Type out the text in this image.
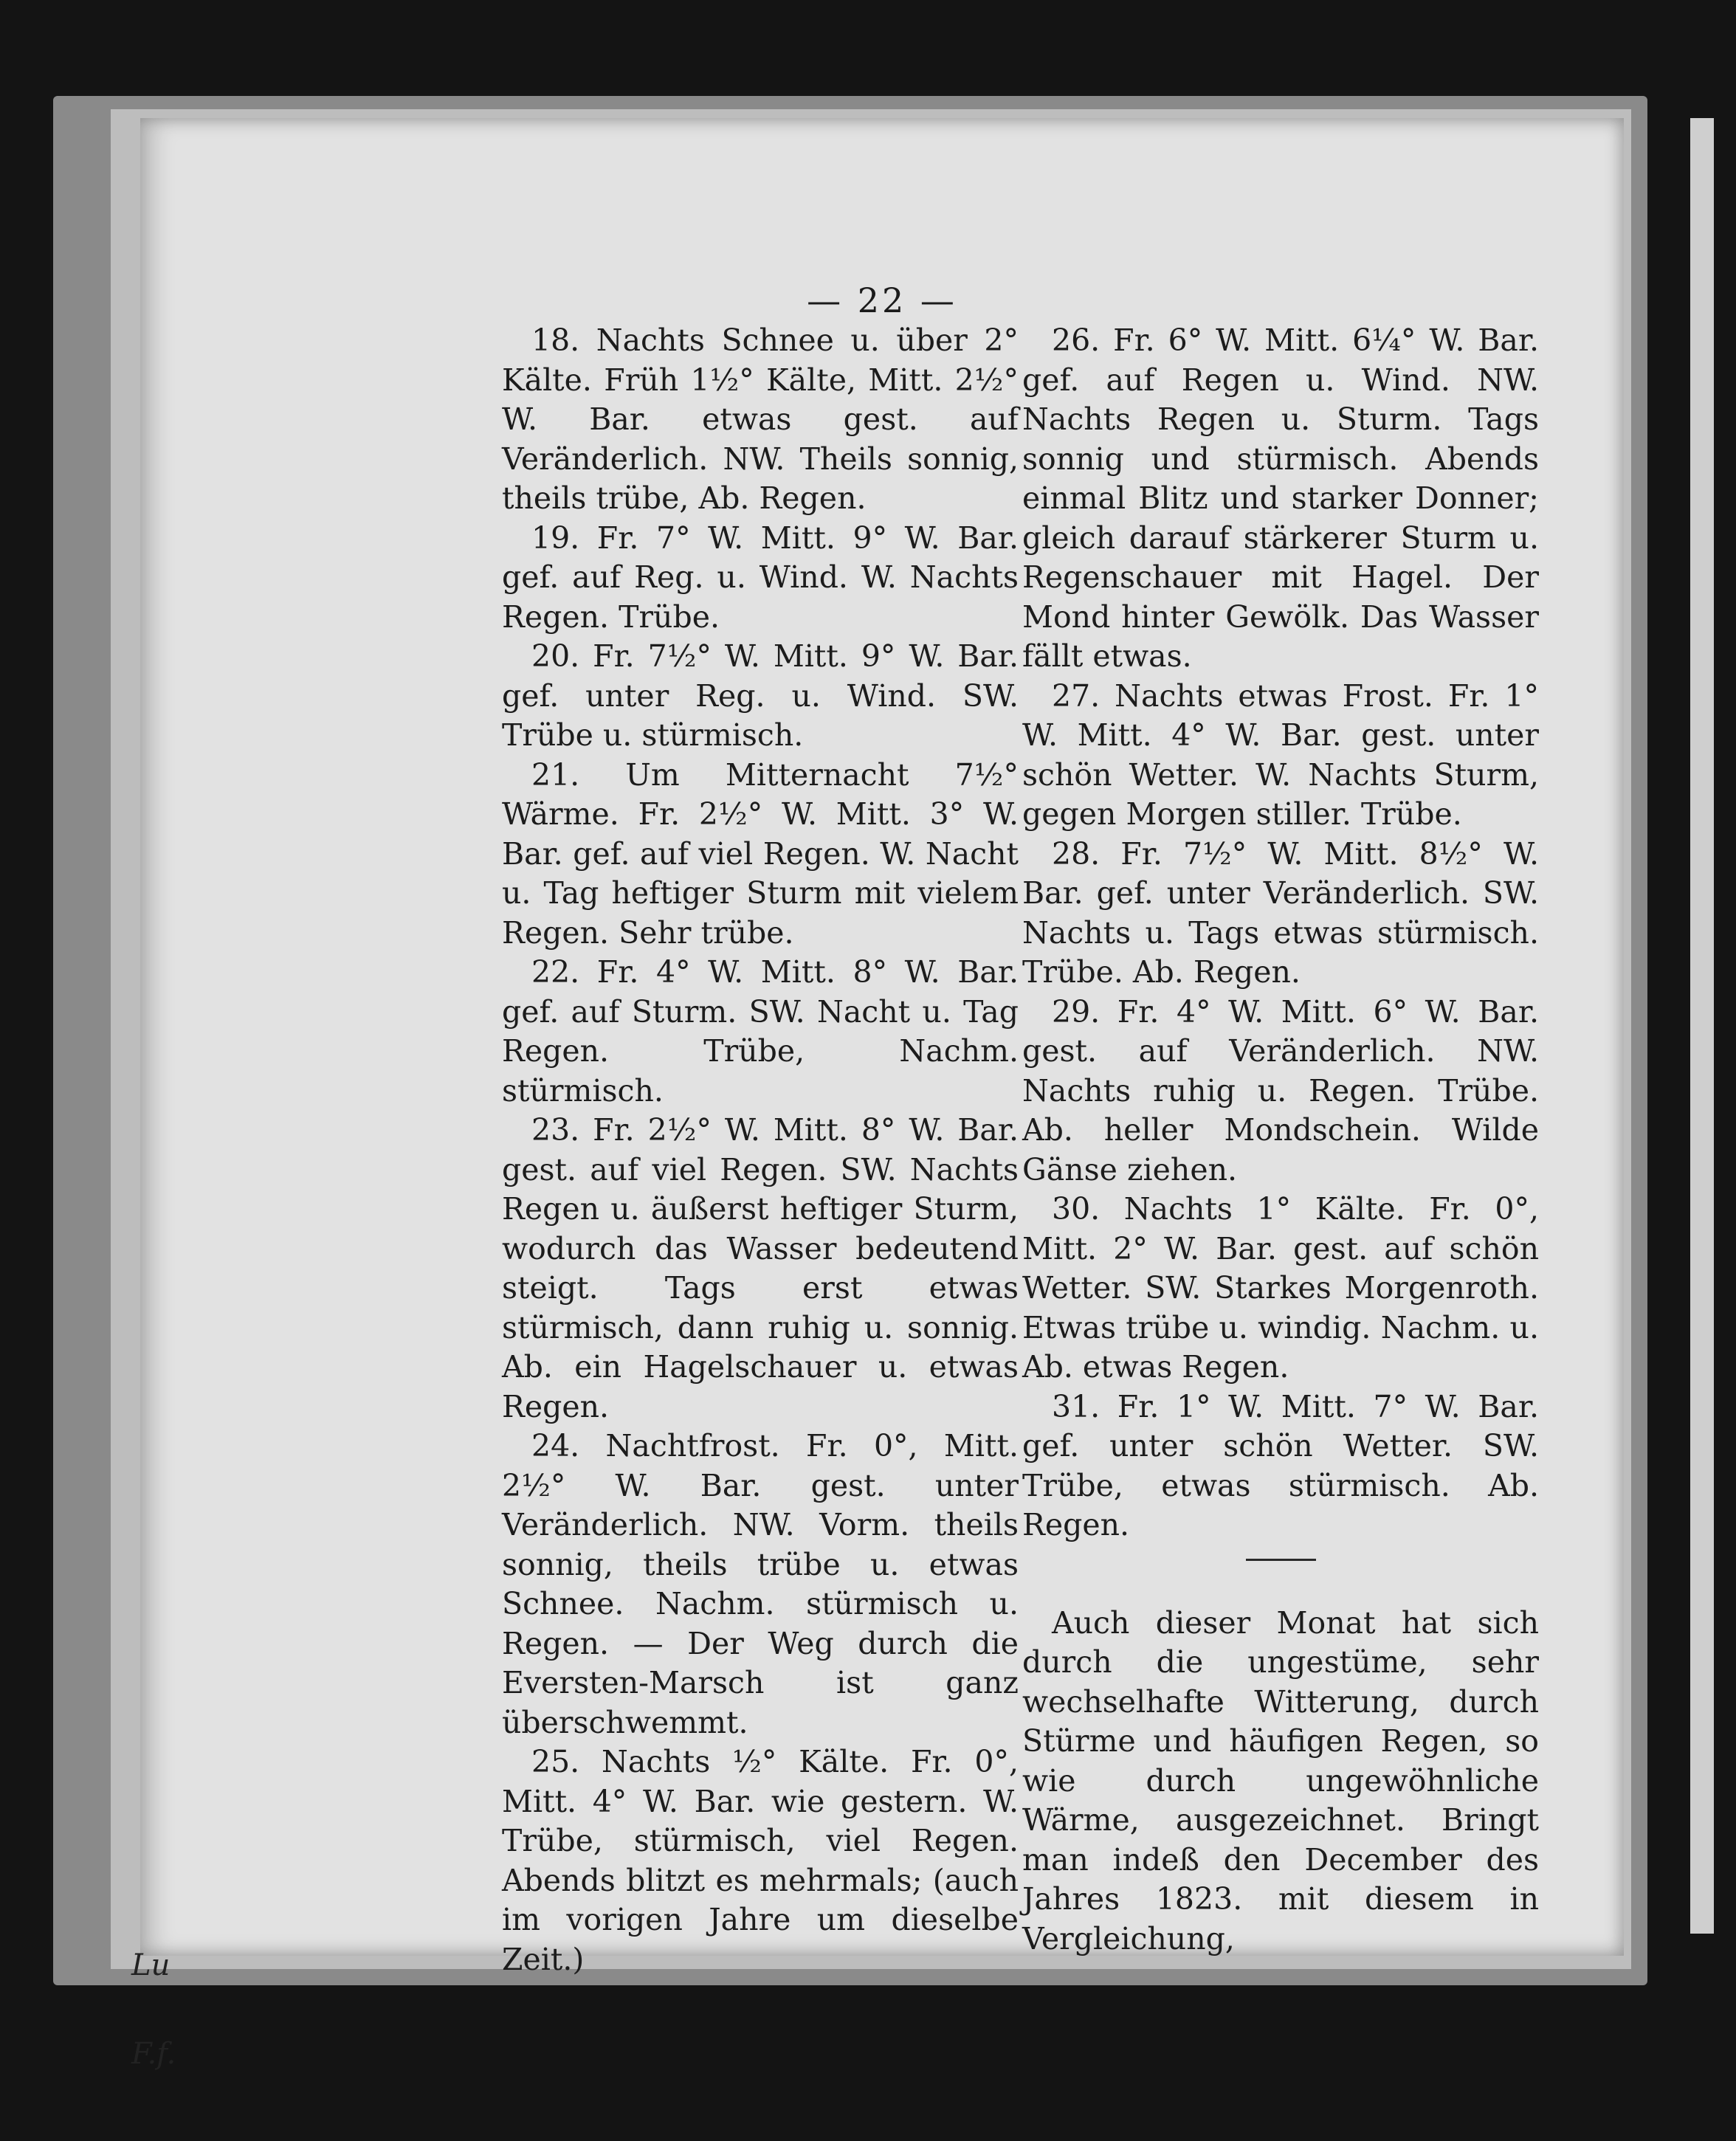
— 22 —

18. Nachts Schnee u. über 2° Kälte. Früh 1½° Kälte, Mitt. 2½° W. Bar. etwas gest. auf Veränderlich. NW. Theils sonnig, theils trübe, Ab. Regen.

19. Fr. 7° W. Mitt. 9° W. Bar. gef. auf Reg. u. Wind. W. Nachts Regen. Trübe.

20. Fr. 7½° W. Mitt. 9° W. Bar. gef. unter Reg. u. Wind. SW. Trübe u. stürmisch.

21. Um Mitternacht 7½° Wärme. Fr. 2½° W. Mitt. 3° W. Bar. gef. auf viel Regen. W. Nacht u. Tag heftiger Sturm mit vielem Regen. Sehr trübe.

22. Fr. 4° W. Mitt. 8° W. Bar. gef. auf Sturm. SW. Nacht u. Tag Regen. Trübe, Nachm. stürmisch.

23. Fr. 2½° W. Mitt. 8° W. Bar. gest. auf viel Regen. SW. Nachts Regen u. äußerst heftiger Sturm, wodurch das Wasser bedeutend steigt. Tags erst etwas stürmisch, dann ruhig u. sonnig. Ab. ein Hagelschauer u. etwas Regen.

24. Nachtfrost. Fr. 0°, Mitt. 2½° W. Bar. gest. unter Veränderlich. NW. Vorm. theils sonnig, theils trübe u. etwas Schnee. Nachm. stürmisch u. Regen. — Der Weg durch die Eversten-Marsch ist ganz überschwemmt.

25. Nachts ½° Kälte. Fr. 0°, Mitt. 4° W. Bar. wie gestern. W. Trübe, stürmisch, viel Regen. Abends blitzt es mehrmals; (auch im vorigen Jahre um dieselbe Zeit.)

26. Fr. 6° W. Mitt. 6¼° W. Bar. gef. auf Regen u. Wind. NW. Nachts Regen u. Sturm. Tags sonnig und stürmisch. Abends einmal Blitz und starker Donner; gleich darauf stärkerer Sturm u. Regenschauer mit Hagel. Der Mond hinter Gewölk. Das Wasser fällt etwas.

27. Nachts etwas Frost. Fr. 1° W. Mitt. 4° W. Bar. gest. unter schön Wetter. W. Nachts Sturm, gegen Morgen stiller. Trübe.

28. Fr. 7½° W. Mitt. 8½° W. Bar. gef. unter Veränderlich. SW. Nachts u. Tags etwas stürmisch. Trübe. Ab. Regen.

29. Fr. 4° W. Mitt. 6° W. Bar. gest. auf Veränderlich. NW. Nachts ruhig u. Regen. Trübe. Ab. heller Mondschein. Wilde Gänse ziehen.

30. Nachts 1° Kälte. Fr. 0°, Mitt. 2° W. Bar. gest. auf schön Wetter. SW. Starkes Morgenroth. Etwas trübe u. windig. Nachm. u. Ab. etwas Regen.

31. Fr. 1° W. Mitt. 7° W. Bar. gef. unter schön Wetter. SW. Trübe, etwas stürmisch. Ab. Regen.

Auch dieser Monat hat sich durch die ungestüme, sehr wechselhafte Witterung, durch Stürme und häufigen Regen, so wie durch ungewöhnliche Wärme, ausgezeichnet. Bringt man indeß den December des Jahres 1823. mit diesem in Vergleichung,

Lu
F.f.
